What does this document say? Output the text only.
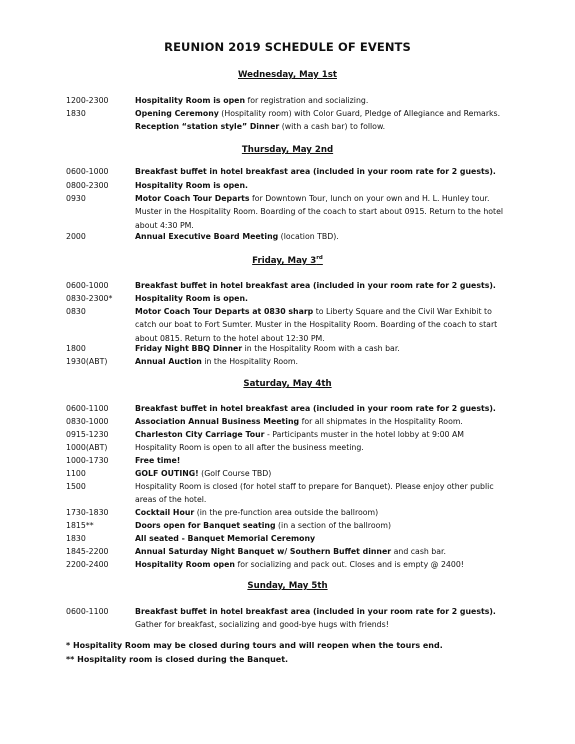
REUNION 2019 SCHEDULE OF EVENTS
Wednesday, May 1st
1200-2300	Hospitality Room is open for registration and socializing.
1830	Opening Ceremony (Hospitality room) with Color Guard, Pledge of Allegiance and Remarks. Reception “station style” Dinner (with a cash bar) to follow.
Thursday, May 2nd
0600-1000	Breakfast buffet in hotel breakfast area (included in your room rate for 2 guests).
0800-2300	Hospitality Room is open.
0930	Motor Coach Tour Departs for Downtown Tour, lunch on your own and H. L. Hunley tour. Muster in the Hospitality Room. Boarding of the coach to start about 0915. Return to the hotel about 4:30 PM.
2000	Annual Executive Board Meeting (location TBD).
Friday, May 3rd
0600-1000	Breakfast buffet in hotel breakfast area (included in your room rate for 2 guests).
0830-2300*	Hospitality Room is open.
0830	Motor Coach Tour Departs at 0830 sharp to Liberty Square and the Civil War Exhibit to catch our boat to Fort Sumter. Muster in the Hospitality Room. Boarding of the coach to start about 0815. Return to the hotel about 12:30 PM.
1800	Friday Night BBQ Dinner in the Hospitality Room with a cash bar.
1930(ABT)	Annual Auction in the Hospitality Room.
Saturday, May 4th
0600-1100	Breakfast buffet in hotel breakfast area (included in your room rate for 2 guests).
0830-1000	Association Annual Business Meeting for all shipmates in the Hospitality Room.
0915-1230	Charleston City Carriage Tour - Participants muster in the hotel lobby at 9:00 AM
1000(ABT)	Hospitality Room is open to all after the business meeting.
1000-1730	Free time!
1100	GOLF OUTING! (Golf Course TBD)
1500	Hospitality Room is closed (for hotel staff to prepare for Banquet). Please enjoy other public areas of the hotel.
1730-1830	Cocktail Hour (in the pre-function area outside the ballroom)
1815**	Doors open for Banquet seating (in a section of the ballroom)
1830	All seated - Banquet Memorial Ceremony
1845-2200	Annual Saturday Night Banquet w/ Southern Buffet dinner and cash bar.
2200-2400	Hospitality Room open for socializing and pack out. Closes and is empty @ 2400!
Sunday, May 5th
0600-1100	Breakfast buffet in hotel breakfast area (included in your room rate for 2 guests). Gather for breakfast, socializing and good-bye hugs with friends!
* Hospitality Room may be closed during tours and will reopen when the tours end.
** Hospitality room is closed during the Banquet.
